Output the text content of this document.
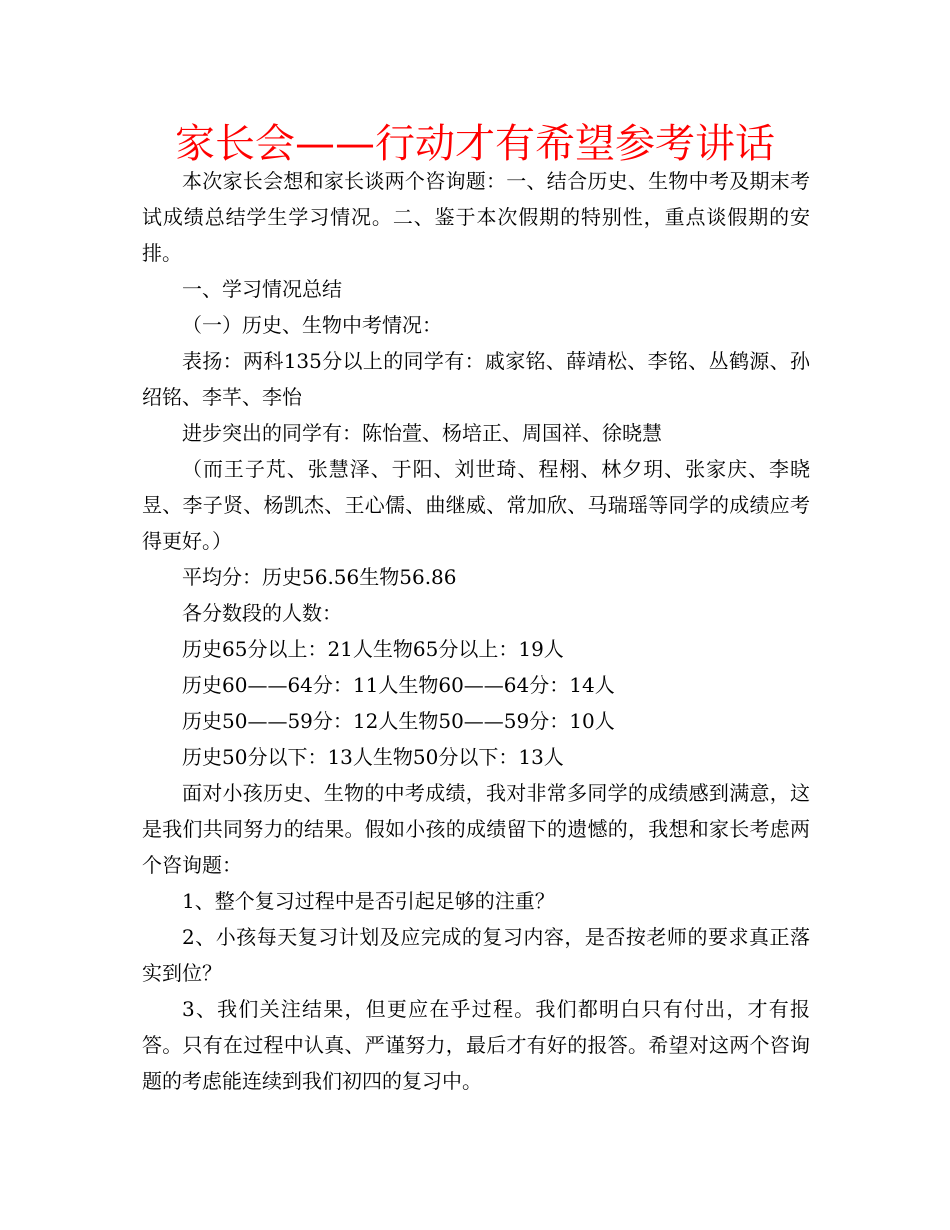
家长会——行动才有希望参考讲话

本次家长会想和家长谈两个咨询题：一、结合历史、生物中考及期末考试成绩总结学生学习情况。二、鉴于本次假期的特别性，重点谈假期的安排。

一、学习情况总结

（一）历史、生物中考情况：

表扬：两科135分以上的同学有：戚家铭、薛靖松、李铭、丛鹤源、孙绍铭、李芊、李怡

进步突出的同学有：陈怡萱、杨培正、周国祥、徐晓慧

（而王子芃、张慧泽、于阳、刘世琦、程栩、林夕玥、张家庆、李晓昱、李子贤、杨凯杰、王心儒、曲继威、常加欣、马瑞瑶等同学的成绩应考得更好。）

平均分：历史56.56生物56.86

各分数段的人数：

历史65分以上：21人生物65分以上：19人

历史60——64分：11人生物60——64分：14人

历史50——59分：12人生物50——59分：10人

历史50分以下：13人生物50分以下：13人

面对小孩历史、生物的中考成绩，我对非常多同学的成绩感到满意，这是我们共同努力的结果。假如小孩的成绩留下的遗憾的，我想和家长考虑两个咨询题：

1、整个复习过程中是否引起足够的注重？

2、小孩每天复习计划及应完成的复习内容，是否按老师的要求真正落实到位？

3、我们关注结果，但更应在乎过程。我们都明白只有付出，才有报答。只有在过程中认真、严谨努力，最后才有好的报答。希望对这两个咨询题的考虑能连续到我们初四的复习中。
